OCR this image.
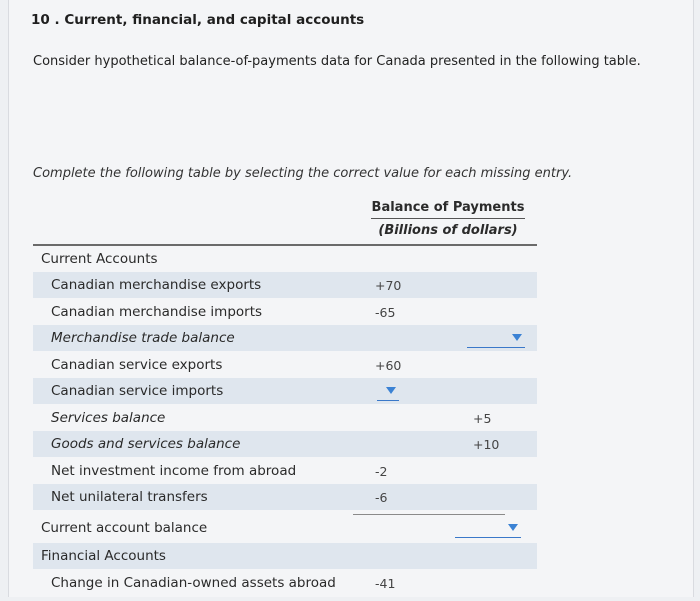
10 . Current, financial, and capital accounts
Consider hypothetical balance-of-payments data for Canada presented in the following table.
Complete the following table by selecting the correct value for each missing entry.
Balance of Payments
(Billions of dollars)
Current Accounts
Canadian merchandise exports	+70
Canadian merchandise imports	-65
Merchandise trade balance
Canadian service exports	+60
Canadian service imports
Services balance	+5
Goods and services balance	+10
Net investment income from abroad	-2
Net unilateral transfers	-6
Current account balance
Financial Accounts
Change in Canadian-owned assets abroad	-41
